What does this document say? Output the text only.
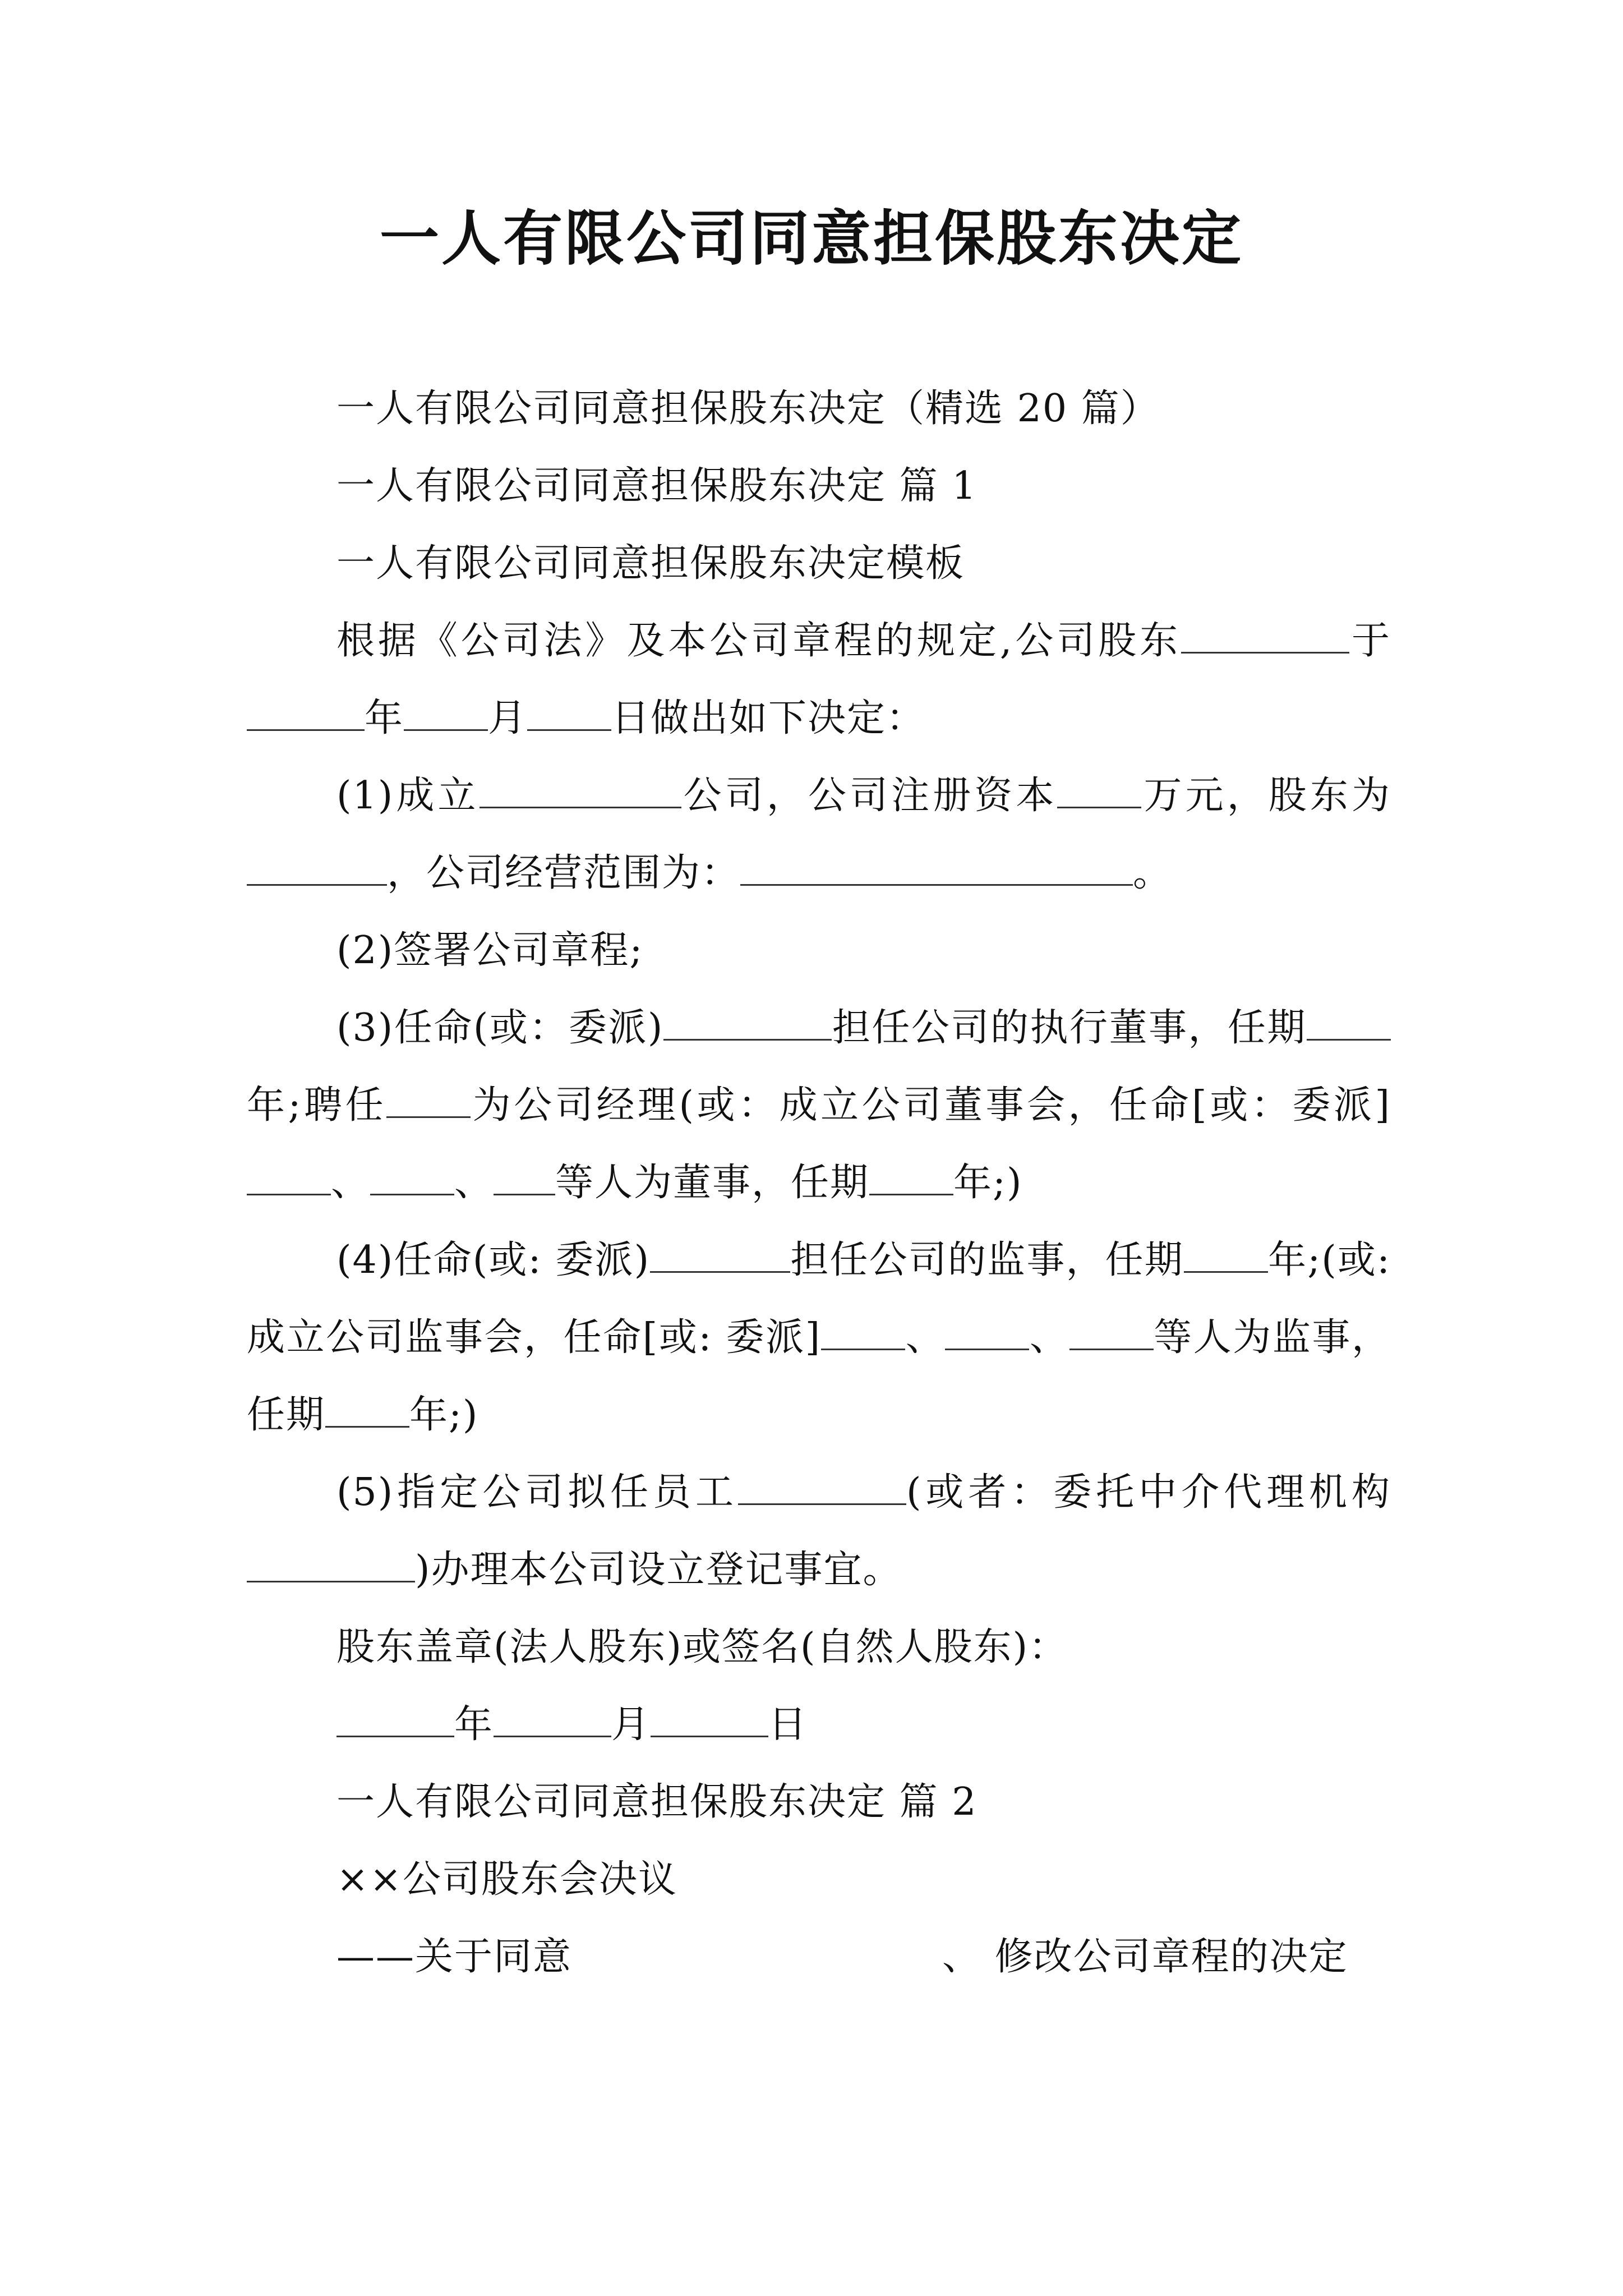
一人有限公司同意担保股东决定

一人有限公司同意担保股东决定（精选 20 篇）

一人有限公司同意担保股东决定 篇 1

一人有限公司同意担保股东决定模板

根据《公司法》及本公司章程的规定,公司股东	于年 月 日做出如下决定：

(1)成立	公司，公司注册资本 万元，股东为，公司经营范围为：	。

(2)签署公司章程;

(3)任命(或：委派)	担任公司的执行董事，任期年;聘任 为公司经理(或：成立公司董事会，任命[或：委派]、 、 等人为董事，任期 年;)

(4)任命(或: 委派)	担任公司的监事，任期 年;(或: 成立公司监事会，任命[或: 委派] 、 、 等人为监事，任期 年;)

(5)指定公司拟任员工	(或者：委托中介代理机构)办理本公司设立登记事宜。

股东盖章(法人股东)或签名(自然人股东)：

年	月	日

一人有限公司同意担保股东决定 篇 2

××公司股东会决议

——关于同意	、 修改公司章程的决定
